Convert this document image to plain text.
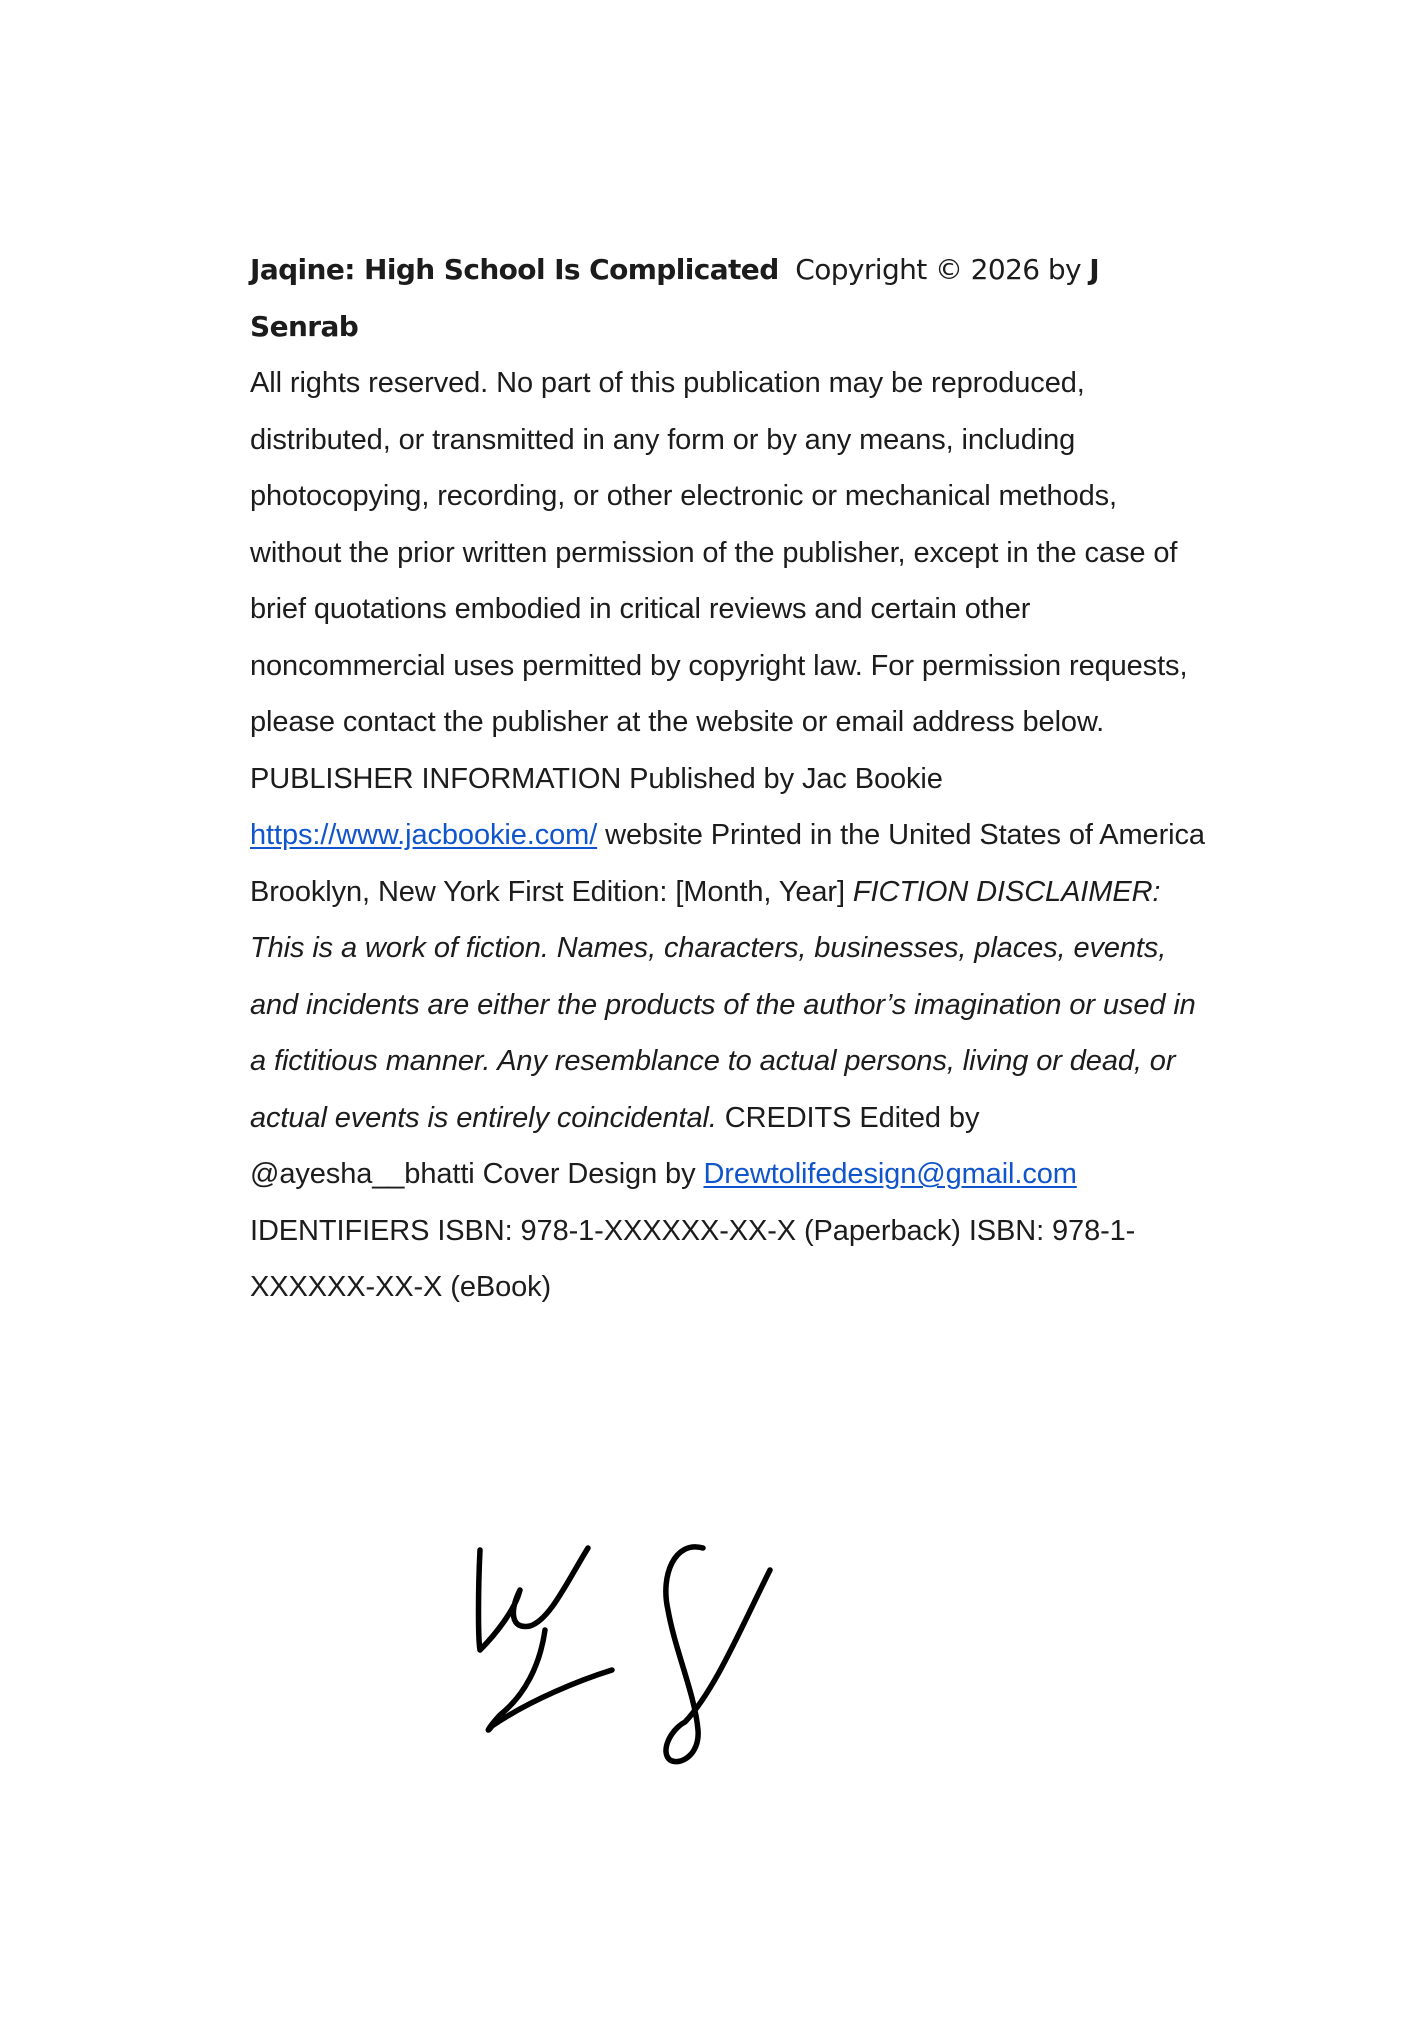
Jaqine: High School Is Complicated Copyright © 2026 by J Senrab
All rights reserved. No part of this publication may be reproduced, distributed, or transmitted in any form or by any means, including photocopying, recording, or other electronic or mechanical methods, without the prior written permission of the publisher, except in the case of brief quotations embodied in critical reviews and certain other noncommercial uses permitted by copyright law. For permission requests, please contact the publisher at the website or email address below. PUBLISHER INFORMATION Published by Jac Bookie https://www.jacbookie.com/ website Printed in the United States of America Brooklyn, New York First Edition: [Month, Year] FICTION DISCLAIMER: This is a work of fiction. Names, characters, businesses, places, events, and incidents are either the products of the author’s imagination or used in a fictitious manner. Any resemblance to actual persons, living or dead, or actual events is entirely coincidental. CREDITS Edited by @ayesha__bhatti Cover Design by Drewtolifedesign@gmail.com IDENTIFIERS ISBN: 978-1-XXXXXX-XX-X (Paperback) ISBN: 978-1-XXXXXX-XX-X (eBook)
